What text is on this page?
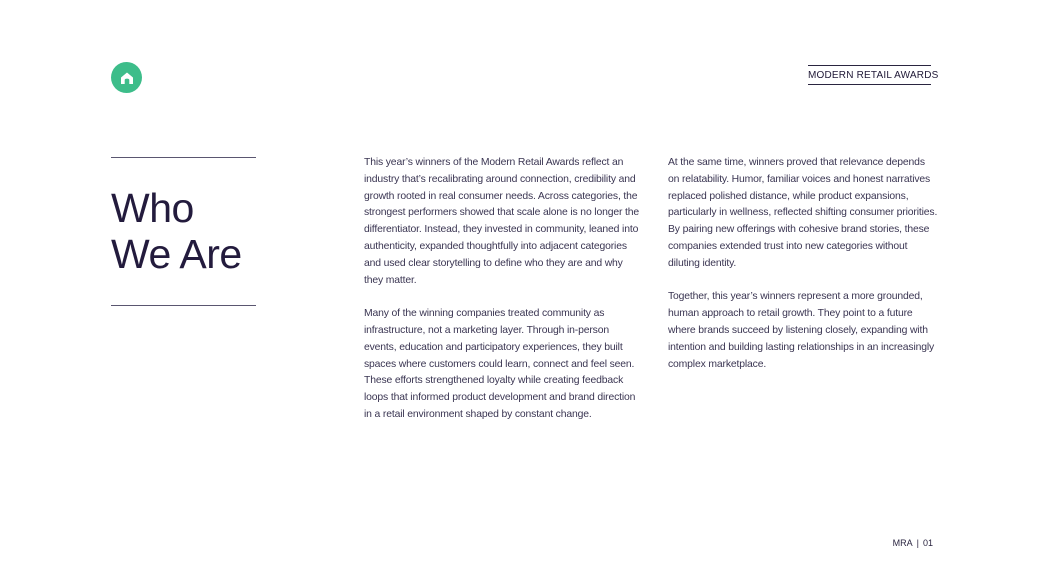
MODERN RETAIL AWARDS
Who
We Are

This year’s winners of the Modern Retail Awards reflect an industry that’s recalibrating around connection, credibility and growth rooted in real consumer needs. Across categories, the strongest performers showed that scale alone is no longer the differentiator. Instead, they invested in community, leaned into authenticity, expanded thoughtfully into adjacent categories and used clear storytelling to define who they are and why they matter.

Many of the winning companies treated community as infrastructure, not a marketing layer. Through in-person events, education and participatory experiences, they built spaces where customers could learn, connect and feel seen. These efforts strengthened loyalty while creating feedback loops that informed product development and brand direction in a retail environment shaped by constant change.

At the same time, winners proved that relevance depends on relatability. Humor, familiar voices and honest narratives replaced polished distance, while product expansions, particularly in wellness, reflected shifting consumer priorities. By pairing new offerings with cohesive brand stories, these companies extended trust into new categories without diluting identity.

Together, this year’s winners represent a more grounded, human approach to retail growth. They point to a future where brands succeed by listening closely, expanding with intention and building lasting relationships in an increasingly complex marketplace.

MRA | 01
